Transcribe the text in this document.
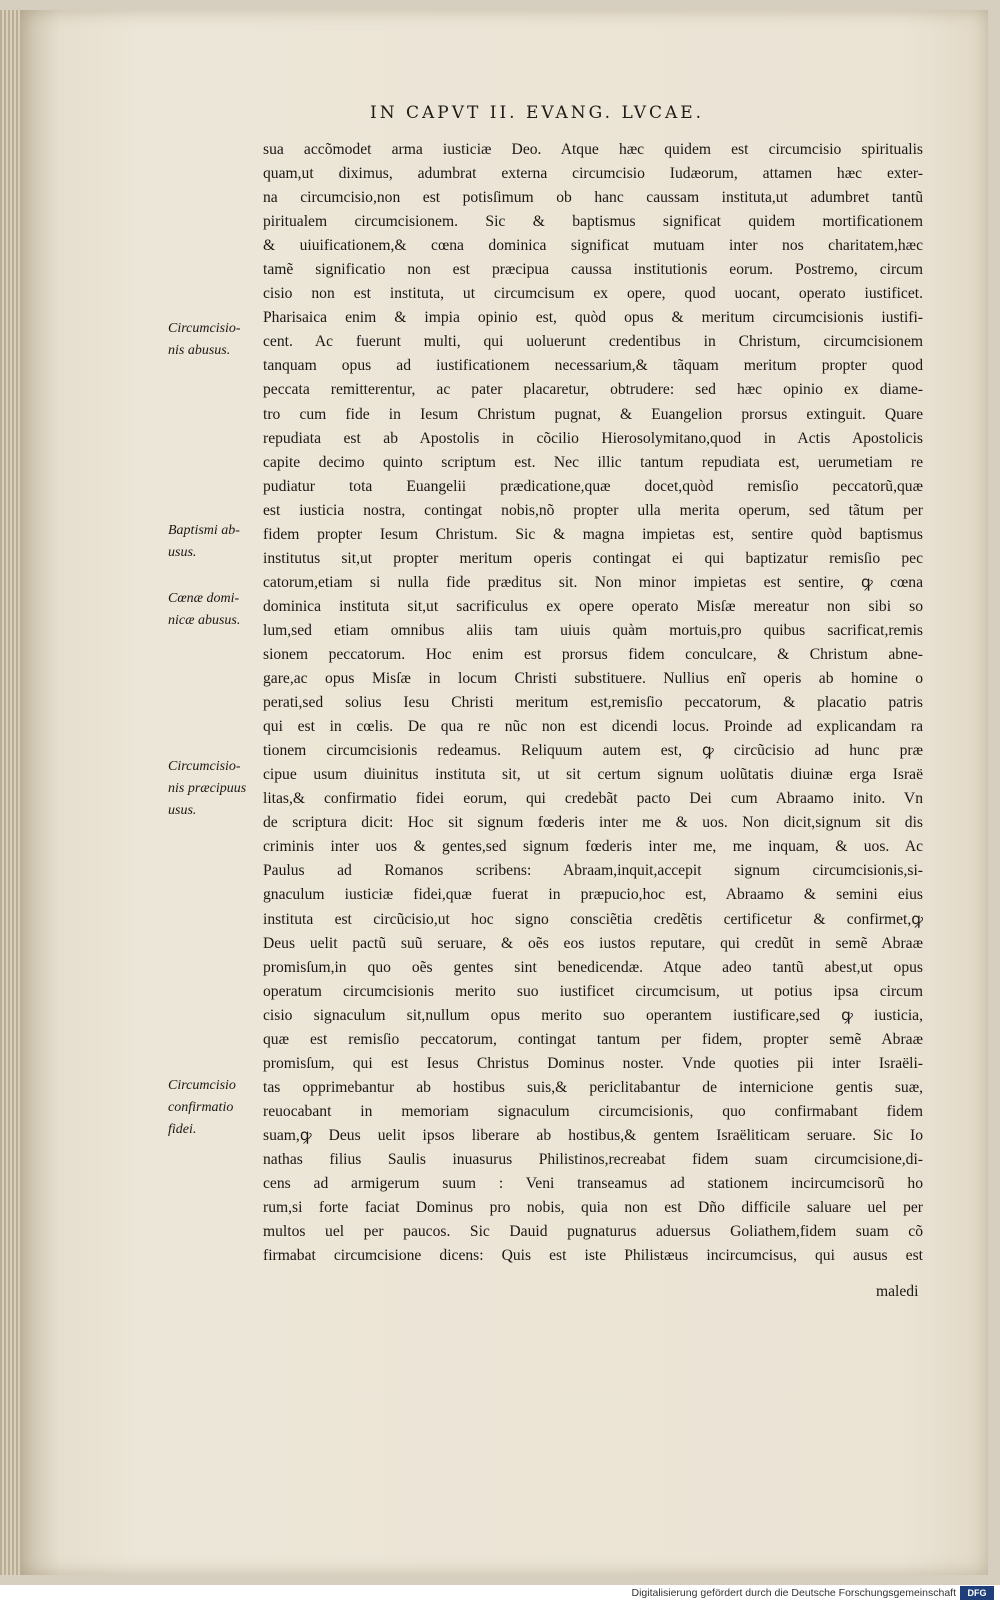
IN CAPVT II. EVANG. LVCAE.
sua accõmodet arma iusticiæ Deo. Atque hæc quidem est circumcisio spiritualis
quam,ut diximus, adumbrat externa circumcisio Iudæorum, attamen hæc exter-
na circumcisio,non est potisſimum ob hanc caussam instituta,ut adumbret tantũ
piritualem circumcisionem. Sic & baptismus significat quidem mortificationem
& uiuificationem,& cœna dominica significat mutuam inter nos charitatem,hæc
tamẽ significatio non est præcipua caussa institutionis eorum. Postremo, circum
cisio non est instituta, ut circumcisum ex opere, quod uocant, operato iustificet.
Pharisaica enim & impia opinio est, quòd opus & meritum circumcisionis iustifi-
cent. Ac fuerunt multi, qui uoluerunt credentibus in Christum, circumcisionem
tanquam opus ad iustificationem necessarium,& tãquam meritum propter quod
peccata remitterentur, ac pater placaretur, obtrudere: sed hæc opinio ex diame-
tro cum fide in Iesum Christum pugnat, & Euangelion prorsus extinguit. Quare
repudiata est ab Apostolis in cõcilio Hierosolymitano,quod in Actis Apostolicis
capite decimo quinto scriptum est. Nec illic tantum repudiata est, uerumetiam re
pudiatur tota Euangelii prædicatione,quæ docet,quòd remisſio peccatorũ,quæ
est iusticia nostra, contingat nobis,nõ propter ulla merita operum, sed tãtum per
fidem propter Iesum Christum. Sic & magna impietas est, sentire quòd baptismus
institutus sit,ut propter meritum operis contingat ei qui baptizatur remisſio pec
catorum,etiam si nulla fide præditus sit. Non minor impietas est sentire, ꝙ cœna
dominica instituta sit,ut sacrificulus ex opere operato Misſæ mereatur non sibi so
lum,sed etiam omnibus aliis tam uiuis quàm mortuis,pro quibus sacrificat,remis
sionem peccatorum. Hoc enim est prorsus fidem conculcare, & Christum abne-
gare,ac opus Misſæ in locum Christi substituere. Nullius enĩ operis ab homine o
perati,sed solius Iesu Christi meritum est,remisſio peccatorum, & placatio patris
qui est in cœlis. De qua re nũc non est dicendi locus. Proinde ad explicandam ra
tionem circumcisionis redeamus. Reliquum autem est, ꝙ circũcisio ad hunc præ
cipue usum diuinitus instituta sit, ut sit certum signum uolũtatis diuinæ erga Israë
litas,& confirmatio fidei eorum, qui credebãt pacto Dei cum Abraamo inito. Vn
de scriptura dicit: Hoc sit signum fœderis inter me & uos. Non dicit,signum sit dis
criminis inter uos & gentes,sed signum fœderis inter me, me inquam, & uos. Ac
Paulus ad Romanos scribens: Abraam,inquit,accepit signum circumcisionis,si-
gnaculum iusticiæ fidei,quæ fuerat in præpucio,hoc est, Abraamo & semini eius
instituta est circũcisio,ut hoc signo consciẽtia credẽtis certificetur & confirmet,ꝙ
Deus uelit pactũ suũ seruare, & oẽs eos iustos reputare, qui credũt in semẽ Abraæ
promisſum,in quo oẽs gentes sint benedicendæ. Atque adeo tantũ abest,ut opus
operatum circumcisionis merito suo iustificet circumcisum, ut potius ipsa circum
cisio signaculum sit,nullum opus merito suo operantem iustificare,sed ꝙ iusticia,
quæ est remisſio peccatorum, contingat tantum per fidem, propter semẽ Abraæ
promisſum, qui est Iesus Christus Dominus noster. Vnde quoties pii inter Israëli-
tas opprimebantur ab hostibus suis,& periclitabantur de internicione gentis suæ,
reuocabant in memoriam signaculum circumcisionis, quo confirmabant fidem
suam,ꝙ Deus uelit ipsos liberare ab hostibus,& gentem Israëliticam seruare. Sic Io
nathas filius Saulis inuasurus Philistinos,recreabat fidem suam circumcisione,di-
cens ad armigerum suum : Veni transeamus ad stationem incircumcisorũ ho
rum,si forte faciat Dominus pro nobis, quia non est Dño difficile saluare uel per
multos uel per paucos. Sic Dauid pugnaturus aduersus Goliathem,fidem suam cõ
firmabat circumcisione dicens: Quis est iste Philistæus incircumcisus, qui ausus est
Circumcisio-
nis abusus.
Baptismi ab-
usus.
Cœnæ domi-
nicæ abusus.
Circumcisio-
nis præcipuus
usus.
Circumcisio
confirmatio
fidei.
maledi
Digitalisierung gefördert durch die Deutsche Forschungsgemeinschaft	DFG
